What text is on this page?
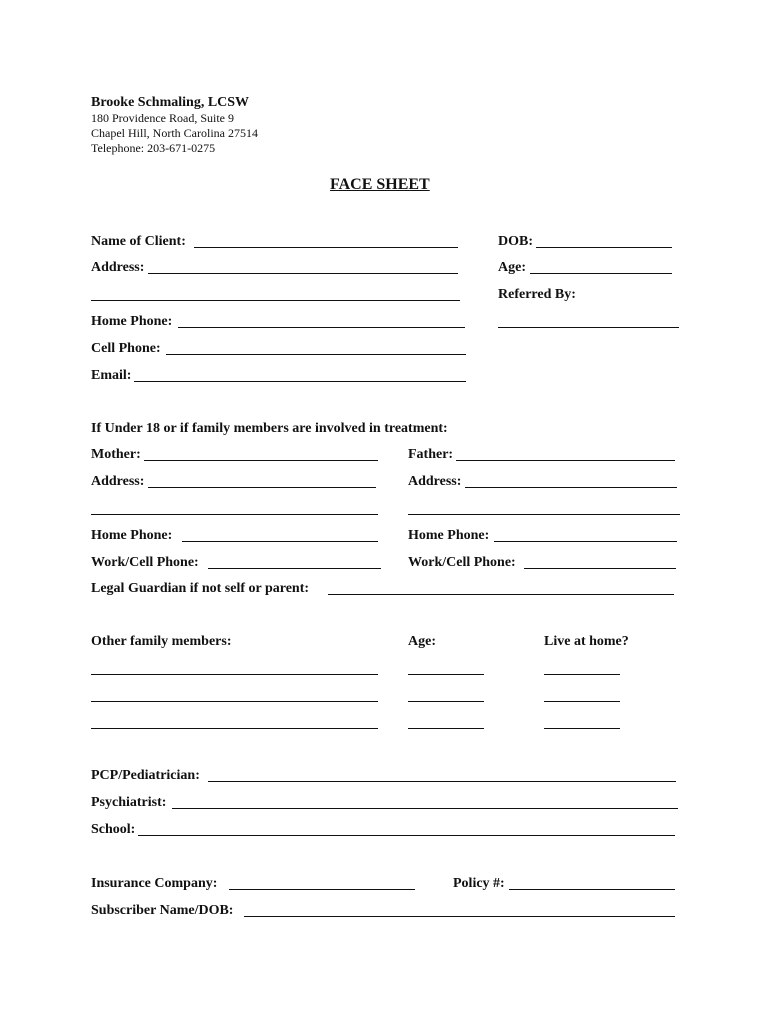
Brooke Schmaling, LCSW
180 Providence Road, Suite 9
Chapel Hill, North Carolina 27514
Telephone: 203-671-0275
FACE SHEET
Name of Client:
Address:
Home Phone:
Cell Phone:
Email:
DOB:
Age:
Referred By:
If Under 18 or if family members are involved in treatment:
Mother:	Father:
Address:	Address:
Home Phone:	Home Phone:
Work/Cell Phone:	Work/Cell Phone:
Legal Guardian if not self or parent:
Other family members:	Age:	Live at home?
PCP/Pediatrician:
Psychiatrist:
School:
Insurance Company:	Policy #:
Subscriber Name/DOB:
